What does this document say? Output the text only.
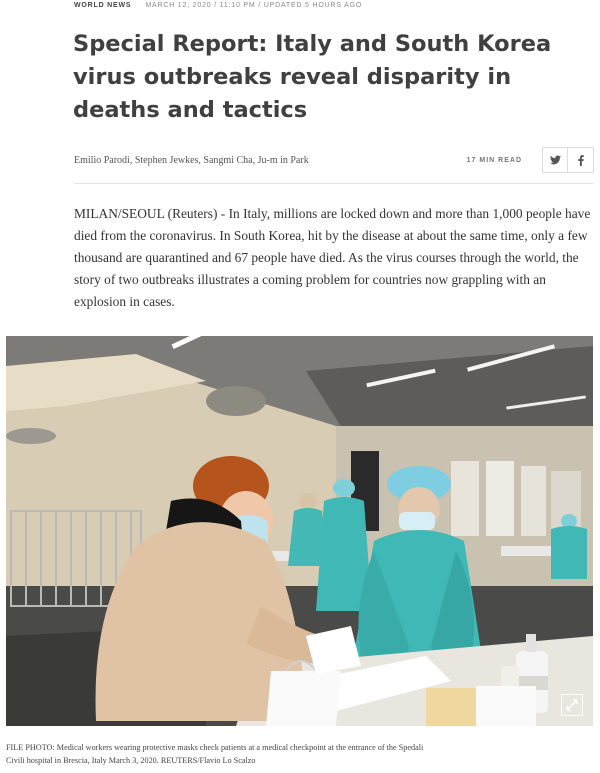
WORLD NEWS MARCH 12, 2020 / 11:10 PM / UPDATED 5 HOURS AGO
Special Report: Italy and South Korea virus outbreaks reveal disparity in deaths and tactics
Emilio Parodi, Stephen Jewkes, Sangmi Cha, Ju-m in Park	17 MIN READ

MILAN/SEOUL (Reuters) - In Italy, millions are locked down and more than 1,000 people have died from the coronavirus. In South Korea, hit by the disease at about the same time, only a few thousand are quarantined and 67 people have died. As the virus courses through the world, the story of two outbreaks illustrates a coming problem for countries now grappling with an explosion in cases.

FILE PHOTO: Medical workers wearing protective masks check patients at a medical checkpoint at the entrance of the Spedali Civili hospital in Brescia, Italy March 3, 2020. REUTERS/Flavio Lo Scalzo
